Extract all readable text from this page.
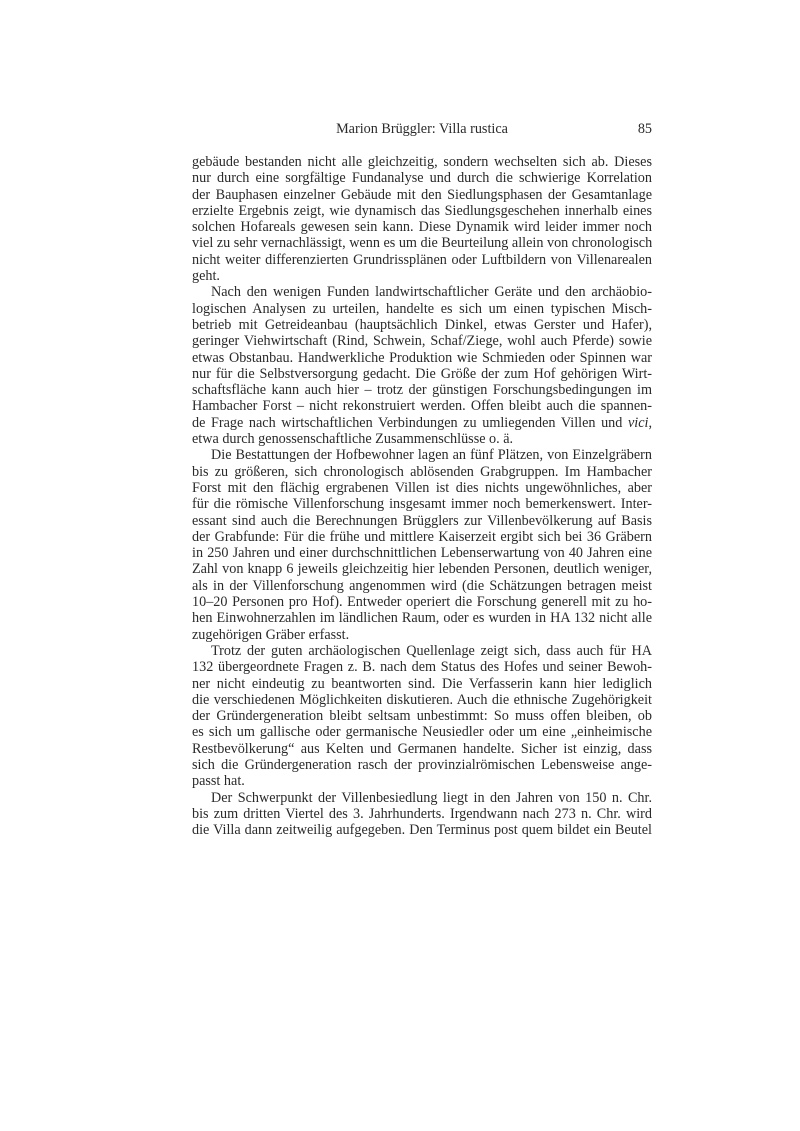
Marion Brüggler: Villa rustica	85
gebäude bestanden nicht alle gleichzeitig, sondern wechselten sich ab. Dieses
nur durch eine sorgfältige Fundanalyse und durch die schwierige Korrelation
der Bauphasen einzelner Gebäude mit den Siedlungsphasen der Gesamtanlage
erzielte Ergebnis zeigt, wie dynamisch das Siedlungsgeschehen innerhalb eines
solchen Hofareals gewesen sein kann. Diese Dynamik wird leider immer noch
viel zu sehr vernachlässigt, wenn es um die Beurteilung allein von chronologisch
nicht weiter differenzierten Grundrissplänen oder Luftbildern von Villenarealen
geht.
Nach den wenigen Funden landwirtschaftlicher Geräte und den archäobio-
logischen Analysen zu urteilen, handelte es sich um einen typischen Misch-
betrieb mit Getreideanbau (hauptsächlich Dinkel, etwas Gerster und Hafer),
geringer Viehwirtschaft (Rind, Schwein, Schaf/Ziege, wohl auch Pferde) sowie
etwas Obstanbau. Handwerkliche Produktion wie Schmieden oder Spinnen war
nur für die Selbstversorgung gedacht. Die Größe der zum Hof gehörigen Wirt-
schaftsfläche kann auch hier – trotz der günstigen Forschungsbedingungen im
Hambacher Forst – nicht rekonstruiert werden. Offen bleibt auch die spannen-
de Frage nach wirtschaftlichen Verbindungen zu umliegenden Villen und vici,
etwa durch genossenschaftliche Zusammenschlüsse o. ä.
Die Bestattungen der Hofbewohner lagen an fünf Plätzen, von Einzelgräbern
bis zu größeren, sich chronologisch ablösenden Grabgruppen. Im Hambacher
Forst mit den flächig ergrabenen Villen ist dies nichts ungewöhnliches, aber
für die römische Villenforschung insgesamt immer noch bemerkenswert. Inter-
essant sind auch die Berechnungen Brügglers zur Villenbevölkerung auf Basis
der Grabfunde: Für die frühe und mittlere Kaiserzeit ergibt sich bei 36 Gräbern
in 250 Jahren und einer durchschnittlichen Lebenserwartung von 40 Jahren eine
Zahl von knapp 6 jeweils gleichzeitig hier lebenden Personen, deutlich weniger,
als in der Villenforschung angenommen wird (die Schätzungen betragen meist
10–20 Personen pro Hof). Entweder operiert die Forschung generell mit zu ho-
hen Einwohnerzahlen im ländlichen Raum, oder es wurden in HA 132 nicht alle
zugehörigen Gräber erfasst.
Trotz der guten archäologischen Quellenlage zeigt sich, dass auch für HA
132 übergeordnete Fragen z. B. nach dem Status des Hofes und seiner Bewoh-
ner nicht eindeutig zu beantworten sind. Die Verfasserin kann hier lediglich
die verschiedenen Möglichkeiten diskutieren. Auch die ethnische Zugehörigkeit
der Gründergeneration bleibt seltsam unbestimmt: So muss offen bleiben, ob
es sich um gallische oder germanische Neusiedler oder um eine „einheimische
Restbevölkerung“ aus Kelten und Germanen handelte. Sicher ist einzig, dass
sich die Gründergeneration rasch der provinzialrömischen Lebensweise ange-
passt hat.
Der Schwerpunkt der Villenbesiedlung liegt in den Jahren von 150 n. Chr.
bis zum dritten Viertel des 3. Jahrhunderts. Irgendwann nach 273 n. Chr. wird
die Villa dann zeitweilig aufgegeben. Den Terminus post quem bildet ein Beutel
